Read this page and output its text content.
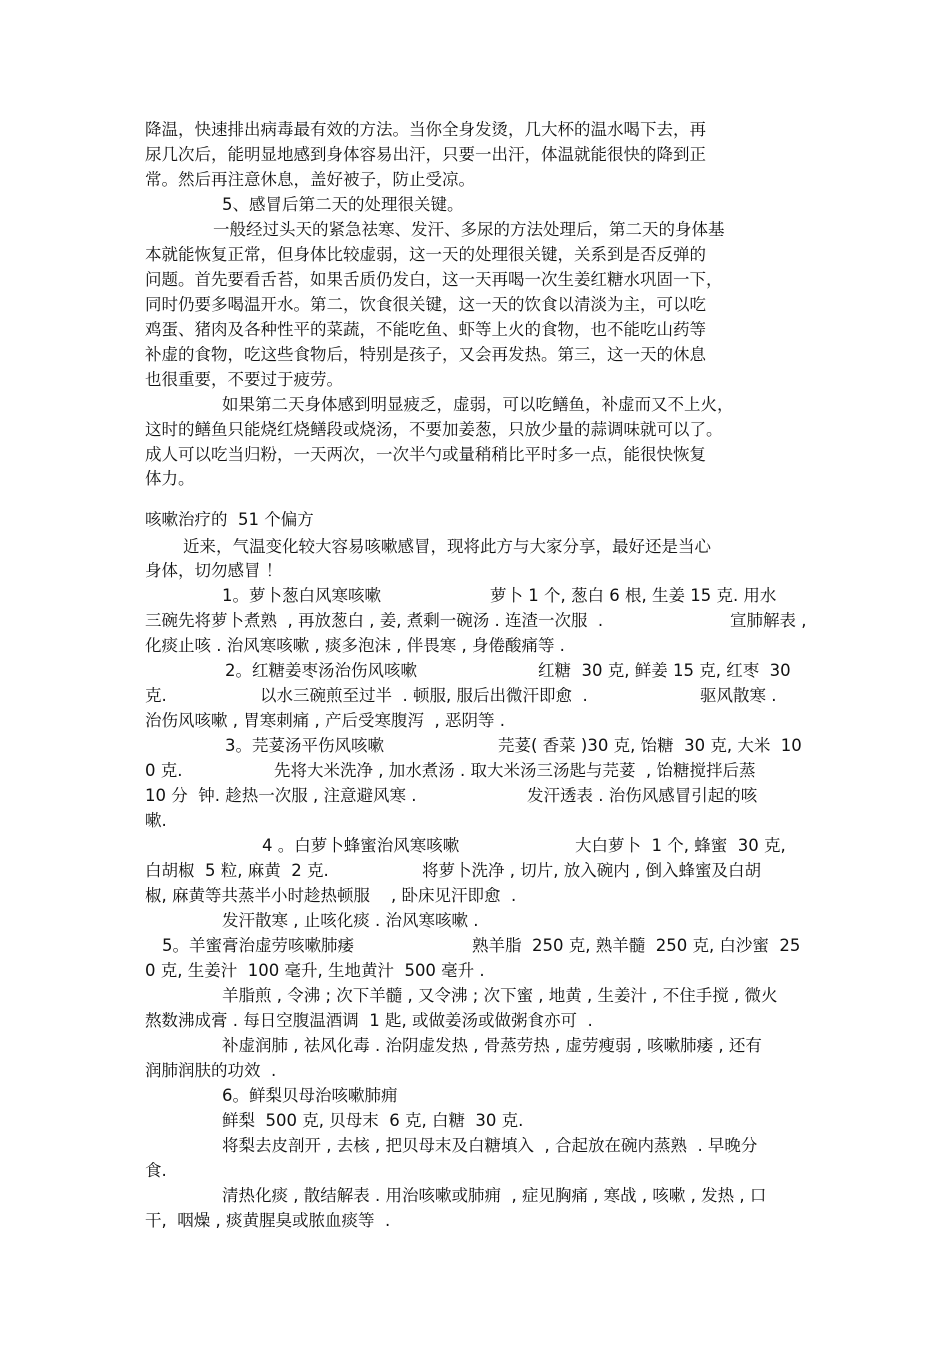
降温，快速排出病毒最有效的方法。当你全身发烫，几大杯的温水喝下去，再
尿几次后，能明显地感到身体容易出汗，只要一出汗，体温就能很快的降到正
常。然后再注意休息，盖好被子，防止受凉。
5、感冒后第二天的处理很关键。
一般经过头天的紧急祛寒、发汗、多尿的方法处理后，第二天的身体基
本就能恢复正常，但身体比较虚弱，这一天的处理很关键，关系到是否反弹的
问题。首先要看舌苔，如果舌质仍发白，这一天再喝一次生姜红糖水巩固一下，
同时仍要多喝温开水。第二，饮食很关键，这一天的饮食以清淡为主，可以吃
鸡蛋、猪肉及各种性平的菜蔬，不能吃鱼、虾等上火的食物，也不能吃山药等
补虚的食物，吃这些食物后，特别是孩子，又会再发热。第三，这一天的休息
也很重要，不要过于疲劳。
如果第二天身体感到明显疲乏，虚弱，可以吃鳝鱼，补虚而又不上火，
这时的鳝鱼只能烧红烧鳝段或烧汤，不要加姜葱，只放少量的蒜调味就可以了。
成人可以吃当归粉，一天两次，一次半勺或量稍稍比平时多一点，能很快恢复
体力。
咳嗽治疗的  51 个偏方
近来，气温变化较大容易咳嗽感冒，现将此方与大家分享，最好还是当心
身体，切勿感冒 ！
1。萝卜葱白风寒咳嗽	萝卜 1 个, 葱白 6 根, 生姜 15 克. 用水
三碗先将萝卜煮熟  , 再放葱白 , 姜, 煮剩一碗汤 . 连渣一次服  .	宣肺解表 ,
化痰止咳 . 治风寒咳嗽 , 痰多泡沫 , 伴畏寒 , 身倦酸痛等 .
2。红糖姜枣汤治伤风咳嗽	红糖  30 克, 鲜姜 15 克, 红枣  30
克.	以水三碗煎至过半  . 顿服, 服后出微汗即愈  .	驱风散寒 .
治伤风咳嗽 , 胃寒刺痛 , 产后受寒腹泻  , 恶阴等 .
3。芫荽汤平伤风咳嗽	芫荽( 香菜 )30 克, 饴糖  30 克, 大米  10
0 克.	先将大米洗净 , 加水煮汤 . 取大米汤三汤匙与芫荽  , 饴糖搅拌后蒸
10 分  钟. 趁热一次服 , 注意避风寒 .	发汗透表 . 治伤风感冒引起的咳
嗽.
4 。白萝卜蜂蜜治风寒咳嗽	大白萝卜  1 个, 蜂蜜  30 克,
白胡椒  5 粒, 麻黄  2 克.	将萝卜洗净 , 切片, 放入碗内 , 倒入蜂蜜及白胡
椒, 麻黄等共蒸半小时趁热顿服    , 卧床见汗即愈  .
发汗散寒 , 止咳化痰 . 治风寒咳嗽 .
5。羊蜜膏治虚劳咳嗽肺痿	熟羊脂  250 克, 熟羊髓  250 克, 白沙蜜  25
0 克, 生姜汁  100 毫升, 生地黄汁  500 毫升 .
羊脂煎 , 令沸 ; 次下羊髓 , 又令沸 ; 次下蜜 , 地黄 , 生姜汁 , 不住手搅 , 微火
熬数沸成膏 . 每日空腹温酒调  1 匙, 或做姜汤或做粥食亦可  .
补虚润肺 , 祛风化毒 . 治阴虚发热 , 骨蒸劳热 , 虚劳瘦弱 , 咳嗽肺痿 , 还有
润肺润肤的功效  .
6。鲜梨贝母治咳嗽肺痈
鲜梨  500 克, 贝母末  6 克, 白糖  30 克.
将梨去皮剖开 , 去核 , 把贝母末及白糖填入  , 合起放在碗内蒸熟  . 早晚分
食.
清热化痰 , 散结解表 . 用治咳嗽或肺痈  , 症见胸痛 , 寒战 , 咳嗽 , 发热 , 口
干,  咽燥 , 痰黄腥臭或脓血痰等  .
